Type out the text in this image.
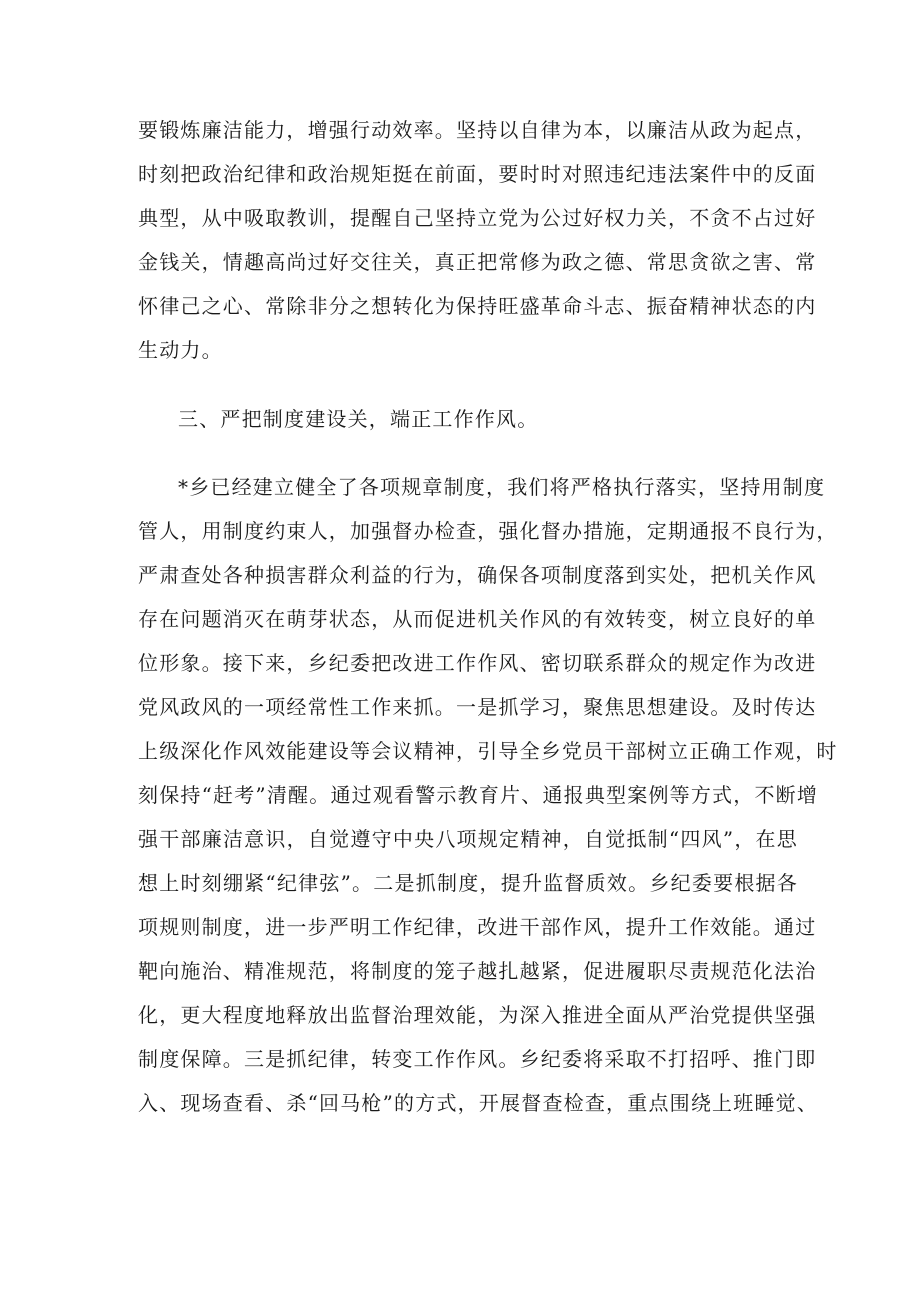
要锻炼廉洁能力，增强行动效率。坚持以自律为本，以廉洁从政为起点，
时刻把政治纪律和政治规矩挺在前面，要时时对照违纪违法案件中的反面
典型，从中吸取教训，提醒自己坚持立党为公过好权力关，不贪不占过好
金钱关，情趣高尚过好交往关，真正把常修为政之德、常思贪欲之害、常
怀律己之心、常除非分之想转化为保持旺盛革命斗志、振奋精神状态的内
生动力。
三、严把制度建设关，端正工作作风。
*乡已经建立健全了各项规章制度，我们将严格执行落实，坚持用制度
管人，用制度约束人，加强督办检查，强化督办措施，定期通报不良行为，
严肃查处各种损害群众利益的行为，确保各项制度落到实处，把机关作风
存在问题消灭在萌芽状态，从而促进机关作风的有效转变，树立良好的单
位形象。接下来，乡纪委把改进工作作风、密切联系群众的规定作为改进
党风政风的一项经常性工作来抓。一是抓学习，聚焦思想建设。及时传达
上级深化作风效能建设等会议精神，引导全乡党员干部树立正确工作观，时
刻保持“赶考”清醒。通过观看警示教育片、通报典型案例等方式，不断增
强干部廉洁意识，自觉遵守中央八项规定精神，自觉抵制“四风”，在思
想上时刻绷紧“纪律弦”。二是抓制度，提升监督质效。乡纪委要根据各
项规则制度，进一步严明工作纪律，改进干部作风，提升工作效能。通过
靶向施治、精准规范，将制度的笼子越扎越紧，促进履职尽责规范化法治
化，更大程度地释放出监督治理效能，为深入推进全面从严治党提供坚强
制度保障。三是抓纪律，转变工作作风。乡纪委将采取不打招呼、推门即
入、现场查看、杀“回马枪”的方式，开展督查检查，重点围绕上班睡觉、
